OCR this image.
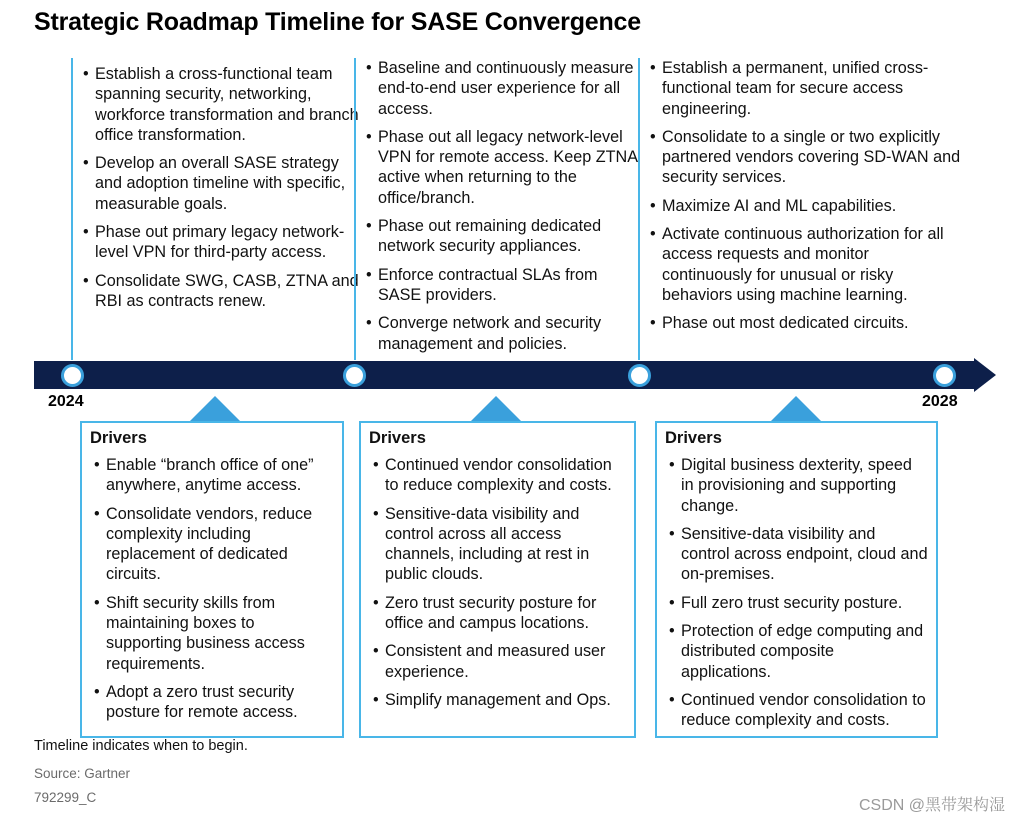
Strategic Roadmap Timeline for SASE Convergence
• Establish a cross-functional team spanning security, networking, workforce transformation and branch office transformation.
• Develop an overall SASE strategy and adoption timeline with specific, measurable goals.
• Phase out primary legacy network-level VPN for third-party access.
• Consolidate SWG, CASB, ZTNA and RBI as contracts renew.
• Baseline and continuously measure end-to-end user experience for all access.
• Phase out all legacy network-level VPN for remote access. Keep ZTNA active when returning to the office/branch.
• Phase out remaining dedicated network security appliances.
• Enforce contractual SLAs from SASE providers.
• Converge network and security management and policies.
• Establish a permanent, unified cross-functional team for secure access engineering.
• Consolidate to a single or two explicitly partnered vendors covering SD-WAN and security services.
• Maximize AI and ML capabilities.
• Activate continuous authorization for all access requests and monitor continuously for unusual or risky behaviors using machine learning.
• Phase out most dedicated circuits.
2024	2028
Drivers
• Enable “branch office of one” anywhere, anytime access.
• Consolidate vendors, reduce complexity including replacement of dedicated circuits.
• Shift security skills from maintaining boxes to supporting business access requirements.
• Adopt a zero trust security posture for remote access.
Drivers
• Continued vendor consolidation to reduce complexity and costs.
• Sensitive-data visibility and control across all access channels, including at rest in public clouds.
• Zero trust security posture for office and campus locations.
• Consistent and measured user experience.
• Simplify management and Ops.
Drivers
• Digital business dexterity, speed in provisioning and supporting change.
• Sensitive-data visibility and control across endpoint, cloud and on-premises.
• Full zero trust security posture.
• Protection of edge computing and distributed composite applications.
• Continued vendor consolidation to reduce complexity and costs.
Timeline indicates when to begin.
Source: Gartner
792299_C	CSDN @黑带架构湿
